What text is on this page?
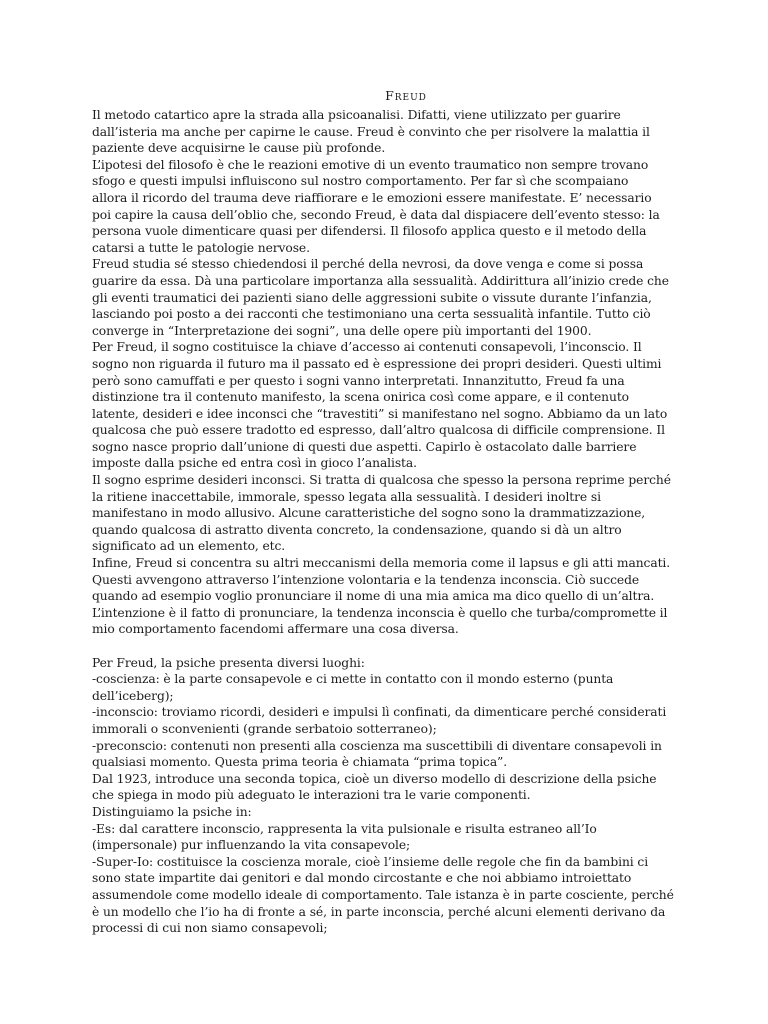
Freud
Il metodo catartico apre la strada alla psicoanalisi. Difatti, viene utilizzato per guarire
dall’isteria ma anche per capirne le cause. Freud è convinto che per risolvere la malattia il
paziente deve acquisirne le cause più profonde.
L’ipotesi del filosofo è che le reazioni emotive di un evento traumatico non sempre trovano
sfogo e questi impulsi influiscono sul nostro comportamento. Per far sì che scompaiano
allora il ricordo del trauma deve riaffiorare e le emozioni essere manifestate. E’ necessario
poi capire la causa dell’oblio che, secondo Freud, è data dal dispiacere dell’evento stesso: la
persona vuole dimenticare quasi per difendersi. Il filosofo applica questo e il metodo della
catarsi a tutte le patologie nervose.
Freud studia sé stesso chiedendosi il perché della nevrosi, da dove venga e come si possa
guarire da essa. Dà una particolare importanza alla sessualità. Addirittura all’inizio crede che
gli eventi traumatici dei pazienti siano delle aggressioni subite o vissute durante l’infanzia,
lasciando poi posto a dei racconti che testimoniano una certa sessualità infantile. Tutto ciò
converge in “Interpretazione dei sogni”, una delle opere più importanti del 1900.
Per Freud, il sogno costituisce la chiave d’accesso ai contenuti consapevoli, l’inconscio. Il
sogno non riguarda il futuro ma il passato ed è espressione dei propri desideri. Questi ultimi
però sono camuffati e per questo i sogni vanno interpretati. Innanzitutto, Freud fa una
distinzione tra il contenuto manifesto, la scena onirica così come appare, e il contenuto
latente, desideri e idee inconsci che “travestiti” si manifestano nel sogno. Abbiamo da un lato
qualcosa che può essere tradotto ed espresso, dall’altro qualcosa di difficile comprensione. Il
sogno nasce proprio dall’unione di questi due aspetti. Capirlo è ostacolato dalle barriere
imposte dalla psiche ed entra così in gioco l’analista.
Il sogno esprime desideri inconsci. Si tratta di qualcosa che spesso la persona reprime perché
la ritiene inaccettabile, immorale, spesso legata alla sessualità. I desideri inoltre si
manifestano in modo allusivo. Alcune caratteristiche del sogno sono la drammatizzazione,
quando qualcosa di astratto diventa concreto, la condensazione, quando si dà un altro
significato ad un elemento, etc.
Infine, Freud si concentra su altri meccanismi della memoria come il lapsus e gli atti mancati.
Questi avvengono attraverso l’intenzione volontaria e la tendenza inconscia. Ciò succede
quando ad esempio voglio pronunciare il nome di una mia amica ma dico quello di un’altra.
L’intenzione è il fatto di pronunciare, la tendenza inconscia è quello che turba/compromette il
mio comportamento facendomi affermare una cosa diversa.
Per Freud, la psiche presenta diversi luoghi:
-coscienza: è la parte consapevole e ci mette in contatto con il mondo esterno (punta
dell’iceberg);
-inconscio: troviamo ricordi, desideri e impulsi lì confinati, da dimenticare perché considerati
immorali o sconvenienti (grande serbatoio sotterraneo);
-preconscio: contenuti non presenti alla coscienza ma suscettibili di diventare consapevoli in
qualsiasi momento. Questa prima teoria è chiamata “prima topica”.
Dal 1923, introduce una seconda topica, cioè un diverso modello di descrizione della psiche
che spiega in modo più adeguato le interazioni tra le varie componenti.
Distinguiamo la psiche in:
-Es: dal carattere inconscio, rappresenta la vita pulsionale e risulta estraneo all’Io
(impersonale) pur influenzando la vita consapevole;
-Super-Io: costituisce la coscienza morale, cioè l’insieme delle regole che fin da bambini ci
sono state impartite dai genitori e dal mondo circostante e che noi abbiamo introiettato
assumendole come modello ideale di comportamento. Tale istanza è in parte cosciente, perché
è un modello che l’io ha di fronte a sé, in parte inconscia, perché alcuni elementi derivano da
processi di cui non siamo consapevoli;
